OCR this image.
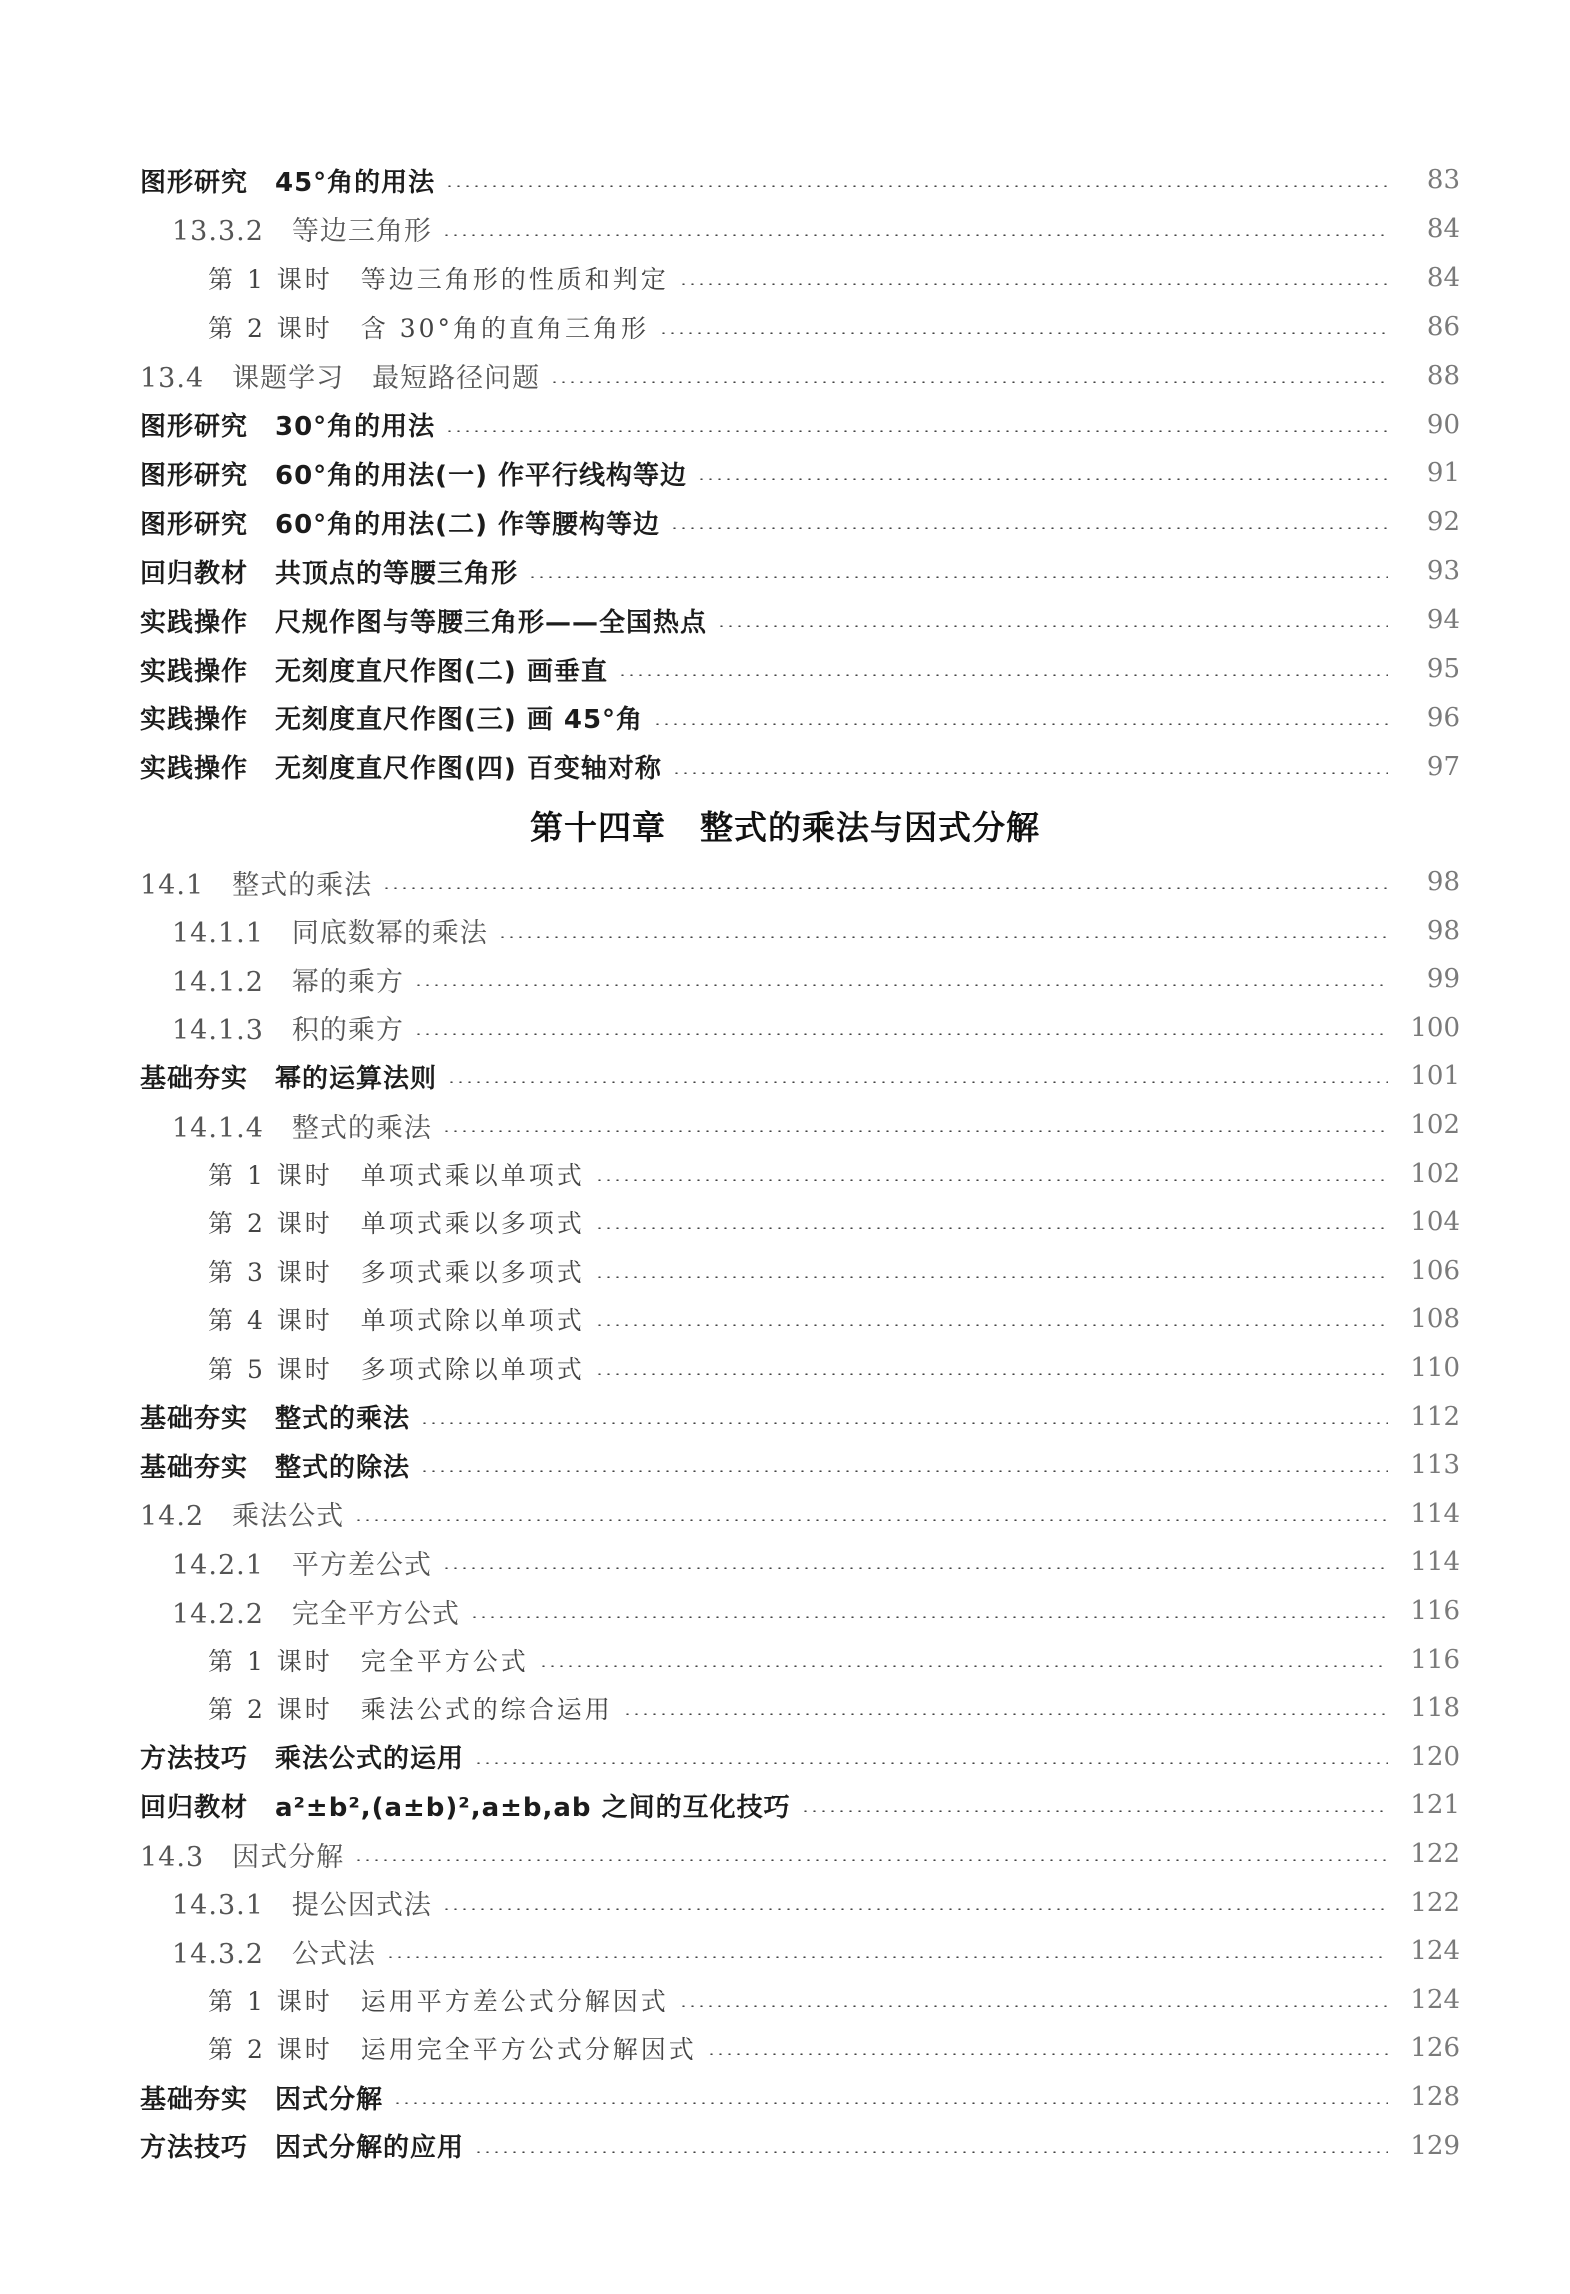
图形研究　45°角的用法	83
13.3.2　等边三角形	84
第 1 课时　等边三角形的性质和判定	84
第 2 课时　含 30°角的直角三角形	86
13.4　课题学习　最短路径问题	88
图形研究　30°角的用法	90
图形研究　60°角的用法(一) 作平行线构等边	91
图形研究　60°角的用法(二) 作等腰构等边	92
回归教材　共顶点的等腰三角形	93
实践操作　尺规作图与等腰三角形——全国热点	94
实践操作　无刻度直尺作图(二) 画垂直	95
实践操作　无刻度直尺作图(三) 画 45°角	96
实践操作　无刻度直尺作图(四) 百变轴对称	97
第十四章　整式的乘法与因式分解
14.1　整式的乘法	98
14.1.1　同底数幂的乘法	98
14.1.2　幂的乘方	99
14.1.3　积的乘方	100
基础夯实　幂的运算法则	101
14.1.4　整式的乘法	102
第 1 课时　单项式乘以单项式	102
第 2 课时　单项式乘以多项式	104
第 3 课时　多项式乘以多项式	106
第 4 课时　单项式除以单项式	108
第 5 课时　多项式除以单项式	110
基础夯实　整式的乘法	112
基础夯实　整式的除法	113
14.2　乘法公式	114
14.2.1　平方差公式	114
14.2.2　完全平方公式	116
第 1 课时　完全平方公式	116
第 2 课时　乘法公式的综合运用	118
方法技巧　乘法公式的运用	120
回归教材　a²±b²,(a±b)²,a±b,ab 之间的互化技巧	121
14.3　因式分解	122
14.3.1　提公因式法	122
14.3.2　公式法	124
第 1 课时　运用平方差公式分解因式	124
第 2 课时　运用完全平方公式分解因式	126
基础夯实　因式分解	128
方法技巧　因式分解的应用	129
